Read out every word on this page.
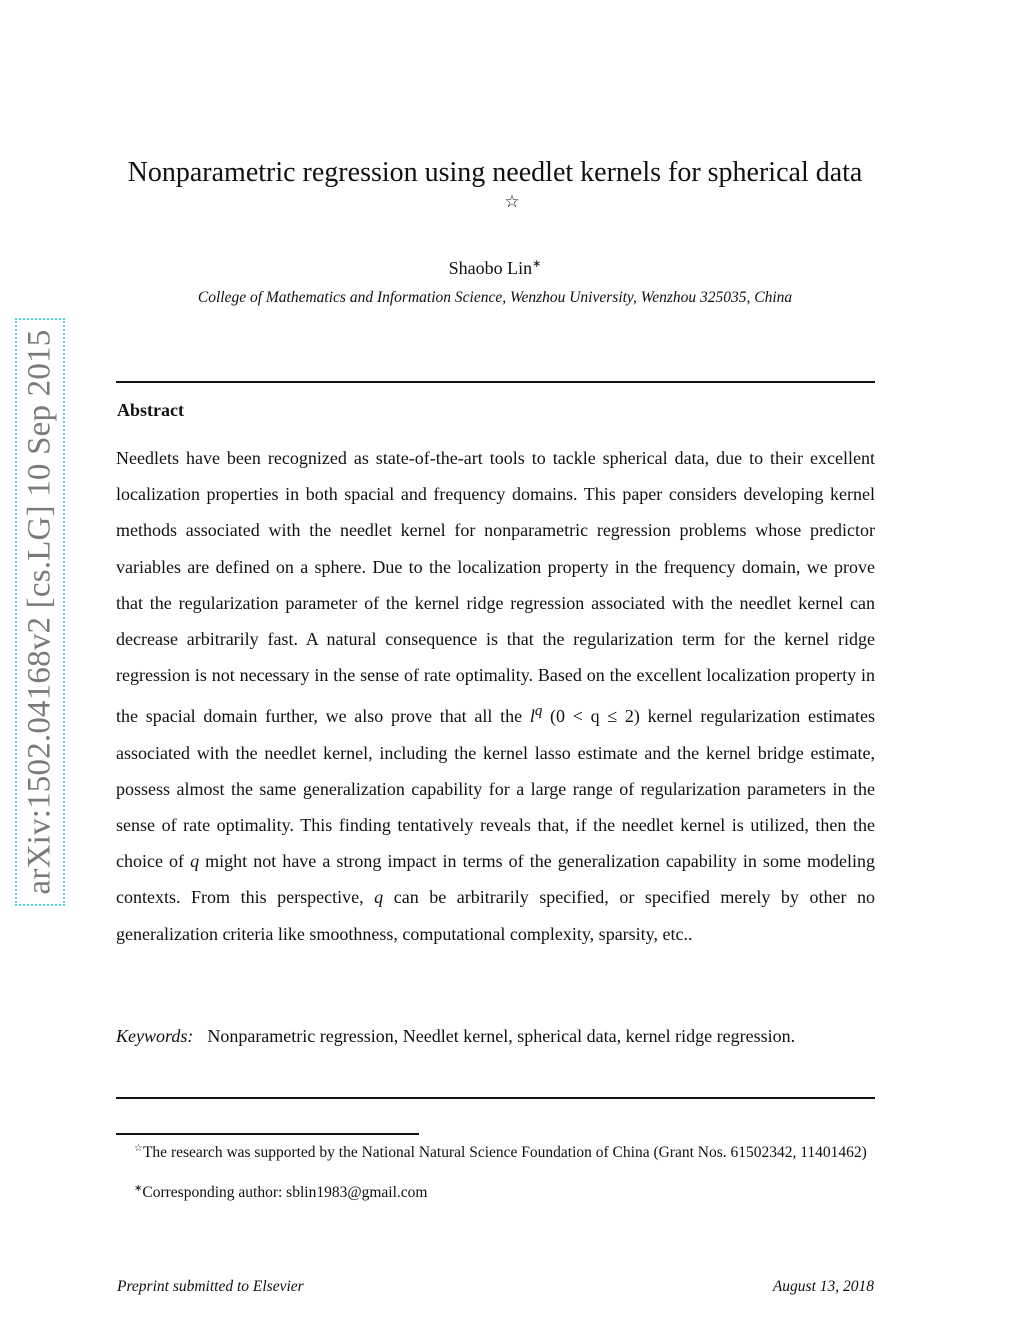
arXiv:1502.04168v2 [cs.LG] 10 Sep 2015
Nonparametric regression using needlet kernels for spherical data
☆
Shaobo Lin∗
College of Mathematics and Information Science, Wenzhou University, Wenzhou 325035, China
Abstract
Needlets have been recognized as state-of-the-art tools to tackle spherical data, due to their excellent localization properties in both spacial and frequency domains. This paper considers developing kernel methods associated with the needlet kernel for nonparametric regression problems whose predictor variables are defined on a sphere. Due to the localization property in the frequency domain, we prove that the regularization parameter of the kernel ridge regression associated with the needlet kernel can decrease arbitrarily fast. A natural consequence is that the regularization term for the kernel ridge regression is not necessary in the sense of rate optimality. Based on the excellent localization property in the spacial domain further, we also prove that all the $l^q$ (0 < q ≤ 2) kernel regularization estimates associated with the needlet kernel, including the kernel lasso estimate and the kernel bridge estimate, possess almost the same generalization capability for a large range of regularization parameters in the sense of rate optimality. This finding tentatively reveals that, if the needlet kernel is utilized, then the choice of q might not have a strong impact in terms of the generalization capability in some modeling contexts. From this perspective, q can be arbitrarily specified, or specified merely by other no generalization criteria like smoothness, computational complexity, sparsity, etc..
Keywords: Nonparametric regression, Needlet kernel, spherical data, kernel ridge regression.
☆The research was supported by the National Natural Science Foundation of China (Grant Nos. 61502342, 11401462)
∗Corresponding author: sblin1983@gmail.com
Preprint submitted to Elsevier	August 13, 2018
